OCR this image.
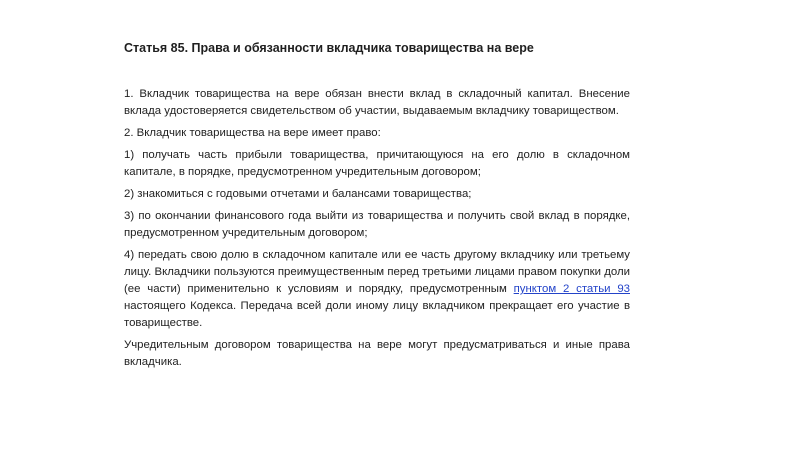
Статья 85. Права и обязанности вкладчика товарищества на вере

1. Вкладчик товарищества на вере обязан внести вклад в складочный капитал. Внесение вклада удостоверяется свидетельством об участии, выдаваемым вкладчику товариществом.

2. Вкладчик товарищества на вере имеет право:

1) получать часть прибыли товарищества, причитающуюся на его долю в складочном капитале, в порядке, предусмотренном учредительным договором;

2) знакомиться с годовыми отчетами и балансами товарищества;

3) по окончании финансового года выйти из товарищества и получить свой вклад в порядке, предусмотренном учредительным договором;

4) передать свою долю в складочном капитале или ее часть другому вкладчику или третьему лицу. Вкладчики пользуются преимущественным перед третьими лицами правом покупки доли (ее части) применительно к условиям и порядку, предусмотренным пунктом 2 статьи 93 настоящего Кодекса. Передача всей доли иному лицу вкладчиком прекращает его участие в товариществе.

Учредительным договором товарищества на вере могут предусматриваться и иные права вкладчика.
